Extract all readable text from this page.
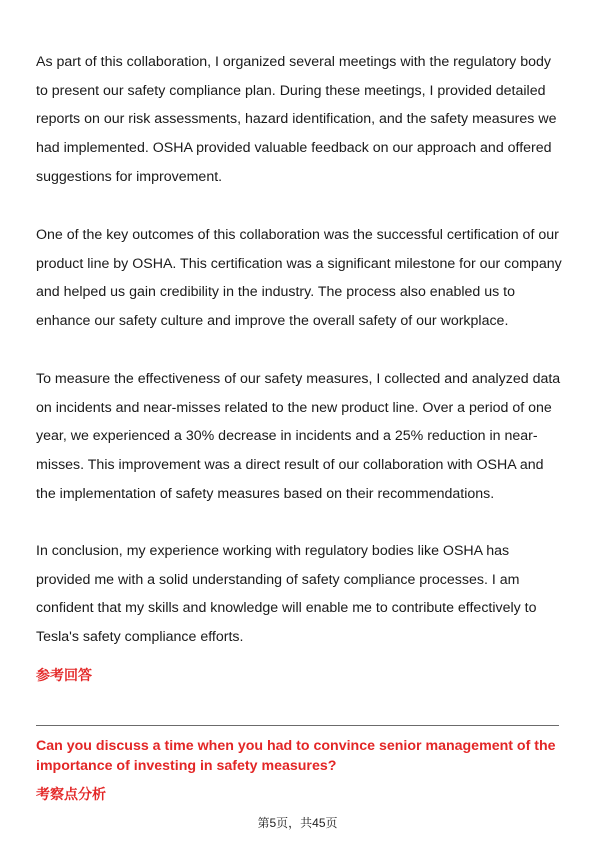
As part of this collaboration, I organized several meetings with the regulatory body to present our safety compliance plan. During these meetings, I provided detailed reports on our risk assessments, hazard identification, and the safety measures we had implemented. OSHA provided valuable feedback on our approach and offered suggestions for improvement.

One of the key outcomes of this collaboration was the successful certification of our product line by OSHA. This certification was a significant milestone for our company and helped us gain credibility in the industry. The process also enabled us to enhance our safety culture and improve the overall safety of our workplace.

To measure the effectiveness of our safety measures, I collected and analyzed data on incidents and near-misses related to the new product line. Over a period of one year, we experienced a 30% decrease in incidents and a 25% reduction in near-misses. This improvement was a direct result of our collaboration with OSHA and the implementation of safety measures based on their recommendations.

In conclusion, my experience working with regulatory bodies like OSHA has provided me with a solid understanding of safety compliance processes. I am confident that my skills and knowledge will enable me to contribute effectively to Tesla's safety compliance efforts.

参考回答

Can you discuss a time when you had to convince senior management of the importance of investing in safety measures?

考察点分析

第5页，共45页
